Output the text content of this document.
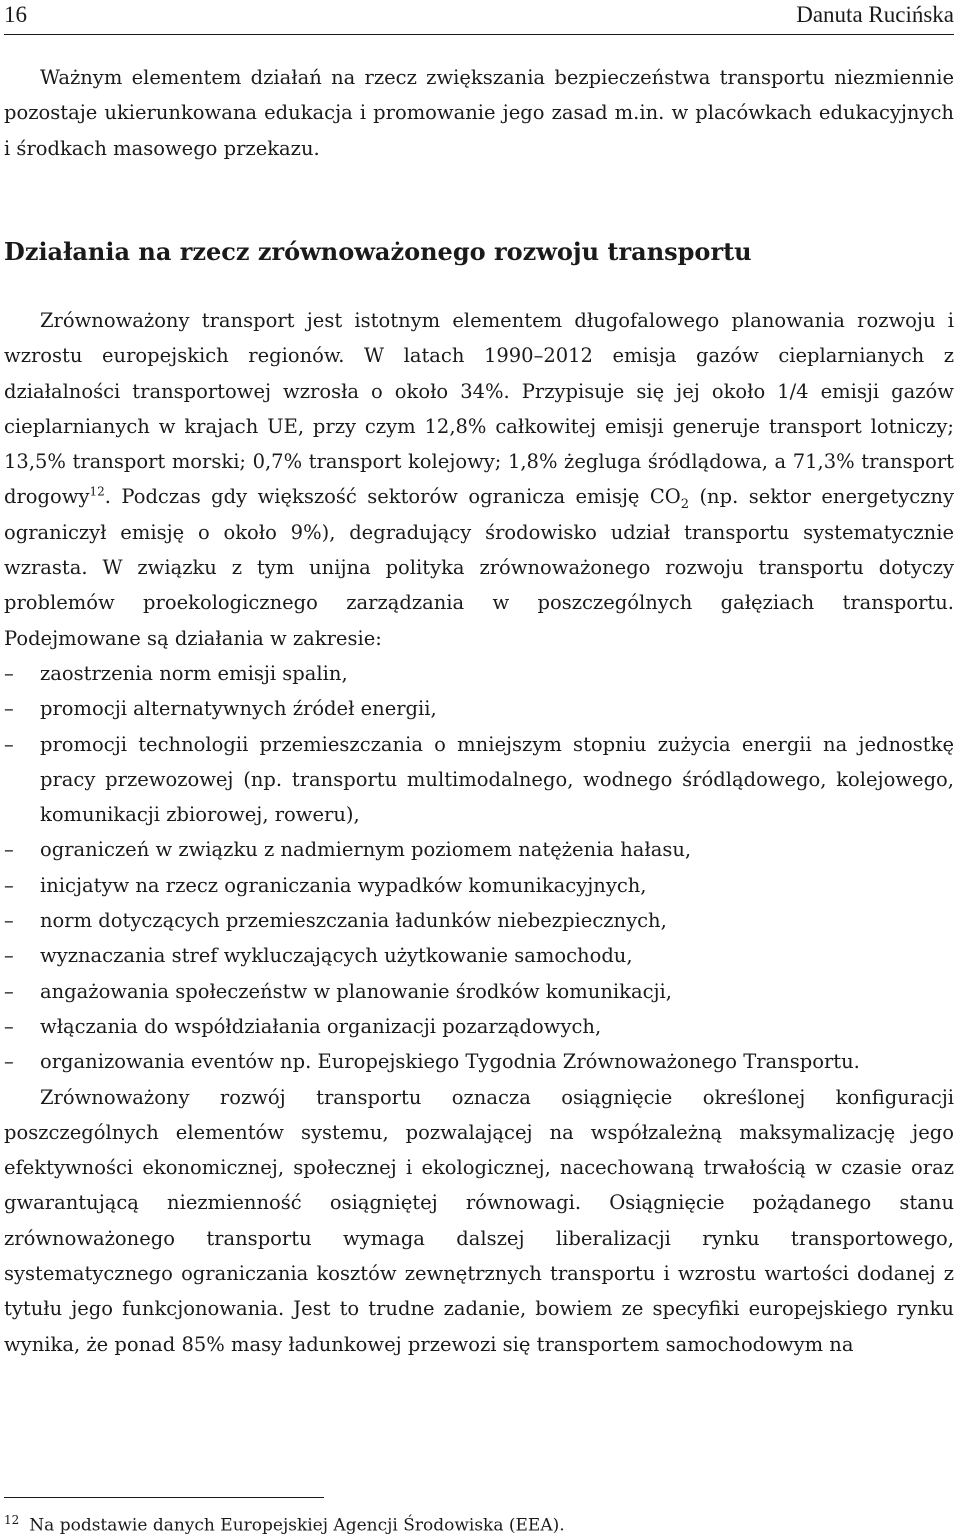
16	Danuta Rucińska

Ważnym elementem działań na rzecz zwiększania bezpieczeństwa transportu niezmiennie pozostaje ukierunkowana edukacja i promowanie jego zasad m.in. w placówkach edukacyjnych i środkach masowego przekazu.

Działania na rzecz zrównoważonego rozwoju transportu

Zrównoważony transport jest istotnym elementem długofalowego planowania rozwoju i wzrostu europejskich regionów. W latach 1990–2012 emisja gazów cieplarnianych z działalności transportowej wzrosła o około 34%. Przypisuje się jej około 1/4 emisji gazów cieplarnianych w krajach UE, przy czym 12,8% całkowitej emisji generuje transport lotniczy; 13,5% transport morski; 0,7% transport kolejowy; 1,8% żegluga śródlądowa, a 71,3% transport drogowy$^{12}$. Podczas gdy większość sektorów ogranicza emisję $CO_2$ (np. sektor energetyczny ograniczył emisję o około 9%), degradujący środowisko udział transportu systematycznie wzrasta. W związku z tym unijna polityka zrównoważonego rozwoju transportu dotyczy problemów proekologicznego zarządzania w poszczególnych gałęziach transportu. Podejmowane są działania w zakresie:

– zaostrzenia norm emisji spalin,
– promocji alternatywnych źródeł energii,
– promocji technologii przemieszczania o mniejszym stopniu zużycia energii na jednostkę pracy przewozowej (np. transportu multimodalnego, wodnego śródlądowego, kolejowego, komunikacji zbiorowej, roweru),
– ograniczeń w związku z nadmiernym poziomem natężenia hałasu,
– inicjatyw na rzecz ograniczania wypadków komunikacyjnych,
– norm dotyczących przemieszczania ładunków niebezpiecznych,
– wyznaczania stref wykluczających użytkowanie samochodu,
– angażowania społeczeństw w planowanie środków komunikacji,
– włączania do współdziałania organizacji pozarządowych,
– organizowania eventów np. Europejskiego Tygodnia Zrównoważonego Transportu.

Zrównoważony rozwój transportu oznacza osiągnięcie określonej konfiguracji poszczególnych elementów systemu, pozwalającej na współzależną maksymalizację jego efektywności ekonomicznej, społecznej i ekologicznej, nacechowaną trwałością w czasie oraz gwarantującą niezmienność osiągniętej równowagi. Osiągnięcie pożądanego stanu zrównoważonego transportu wymaga dalszej liberalizacji rynku transportowego, systematycznego ograniczania kosztów zewnętrznych transportu i wzrostu wartości dodanej z tytułu jego funkcjonowania. Jest to trudne zadanie, bowiem ze specyfiki europejskiego rynku wynika, że ponad 85% masy ładunkowej przewozi się transportem samochodowym na

$^{12}$ Na podstawie danych Europejskiej Agencji Środowiska (EEA).
